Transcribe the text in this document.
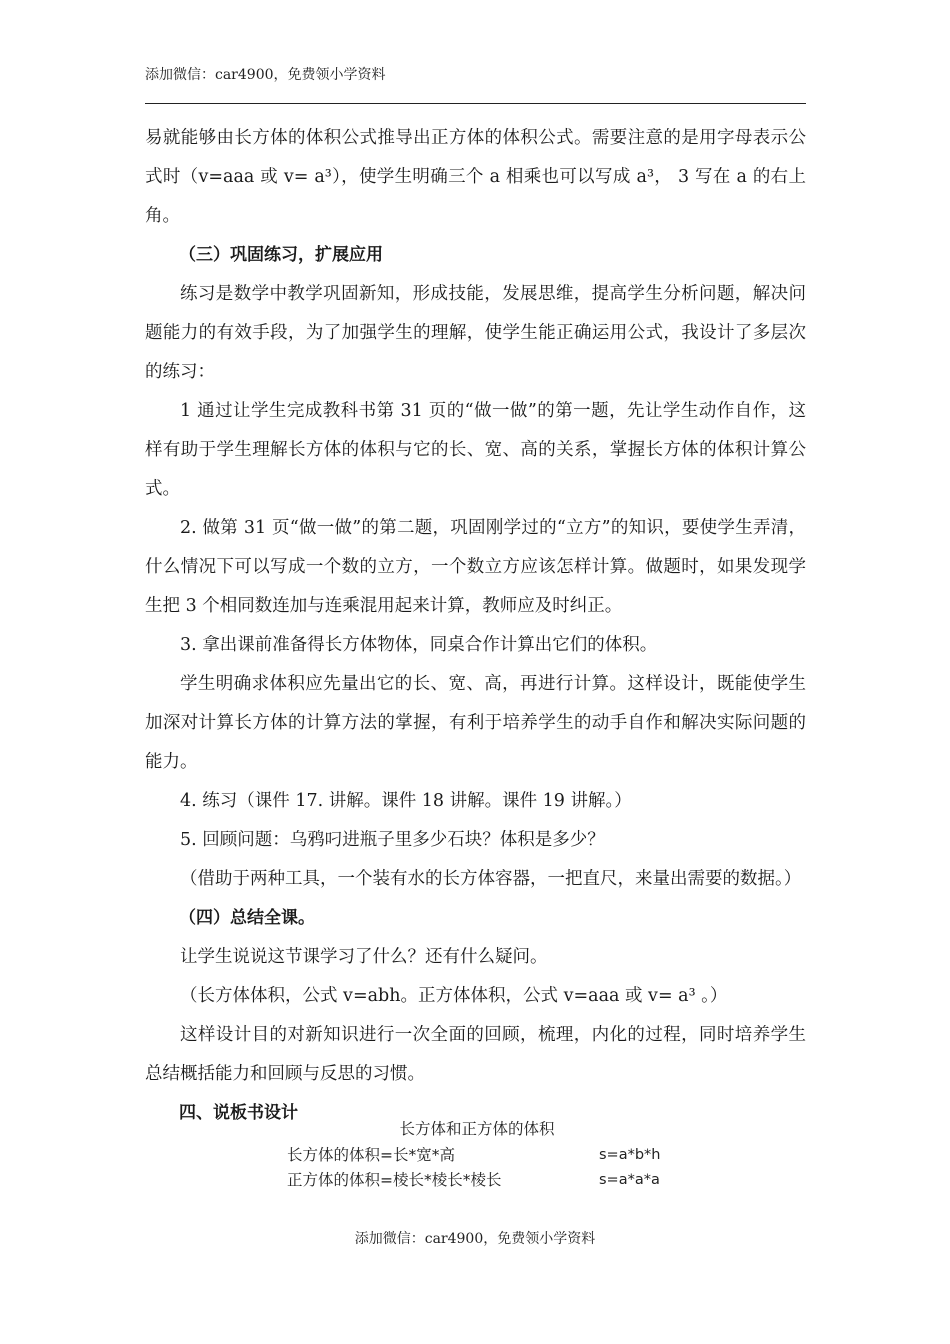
添加微信：car4900，免费领小学资料

易就能够由长方体的体积公式推导出正方体的体积公式。需要注意的是用字母表示公式时（v=aaa 或 v= a³），使学生明确三个 a 相乘也可以写成 a³， 3 写在 a 的右上角。

（三）巩固练习，扩展应用

练习是数学中教学巩固新知，形成技能，发展思维，提高学生分析问题，解决问题能力的有效手段，为了加强学生的理解，使学生能正确运用公式，我设计了多层次的练习：

1 通过让学生完成教科书第 31 页的“做一做”的第一题，先让学生动作自作，这样有助于学生理解长方体的体积与它的长、宽、高的关系，掌握长方体的体积计算公式。

2. 做第 31 页“做一做”的第二题，巩固刚学过的“立方”的知识，要使学生弄清，什么情况下可以写成一个数的立方，一个数立方应该怎样计算。做题时，如果发现学生把 3 个相同数连加与连乘混用起来计算，教师应及时纠正。

3. 拿出课前准备得长方体物体，同桌合作计算出它们的体积。

学生明确求体积应先量出它的长、宽、高，再进行计算。这样设计，既能使学生加深对计算长方体的计算方法的掌握，有利于培养学生的动手自作和解决实际问题的能力。

4. 练习（课件 17. 讲解。课件 18 讲解。课件 19 讲解。）

5. 回顾问题：乌鸦叼进瓶子里多少石块？体积是多少？

（借助于两种工具，一个装有水的长方体容器，一把直尺，来量出需要的数据。）

（四）总结全课。

让学生说说这节课学习了什么？还有什么疑问。

（长方体体积，公式 v=abh。正方体体积，公式 v=aaa 或 v= a³ 。）

这样设计目的对新知识进行一次全面的回顾，梳理，内化的过程，同时培养学生总结概括能力和回顾与反思的习惯。

四、说板书设计

长方体和正方体的体积
长方体的体积=长*宽*高	s=a*b*h
正方体的体积=棱长*棱长*棱长	s=a*a*a
添加微信：car4900，免费领小学资料
